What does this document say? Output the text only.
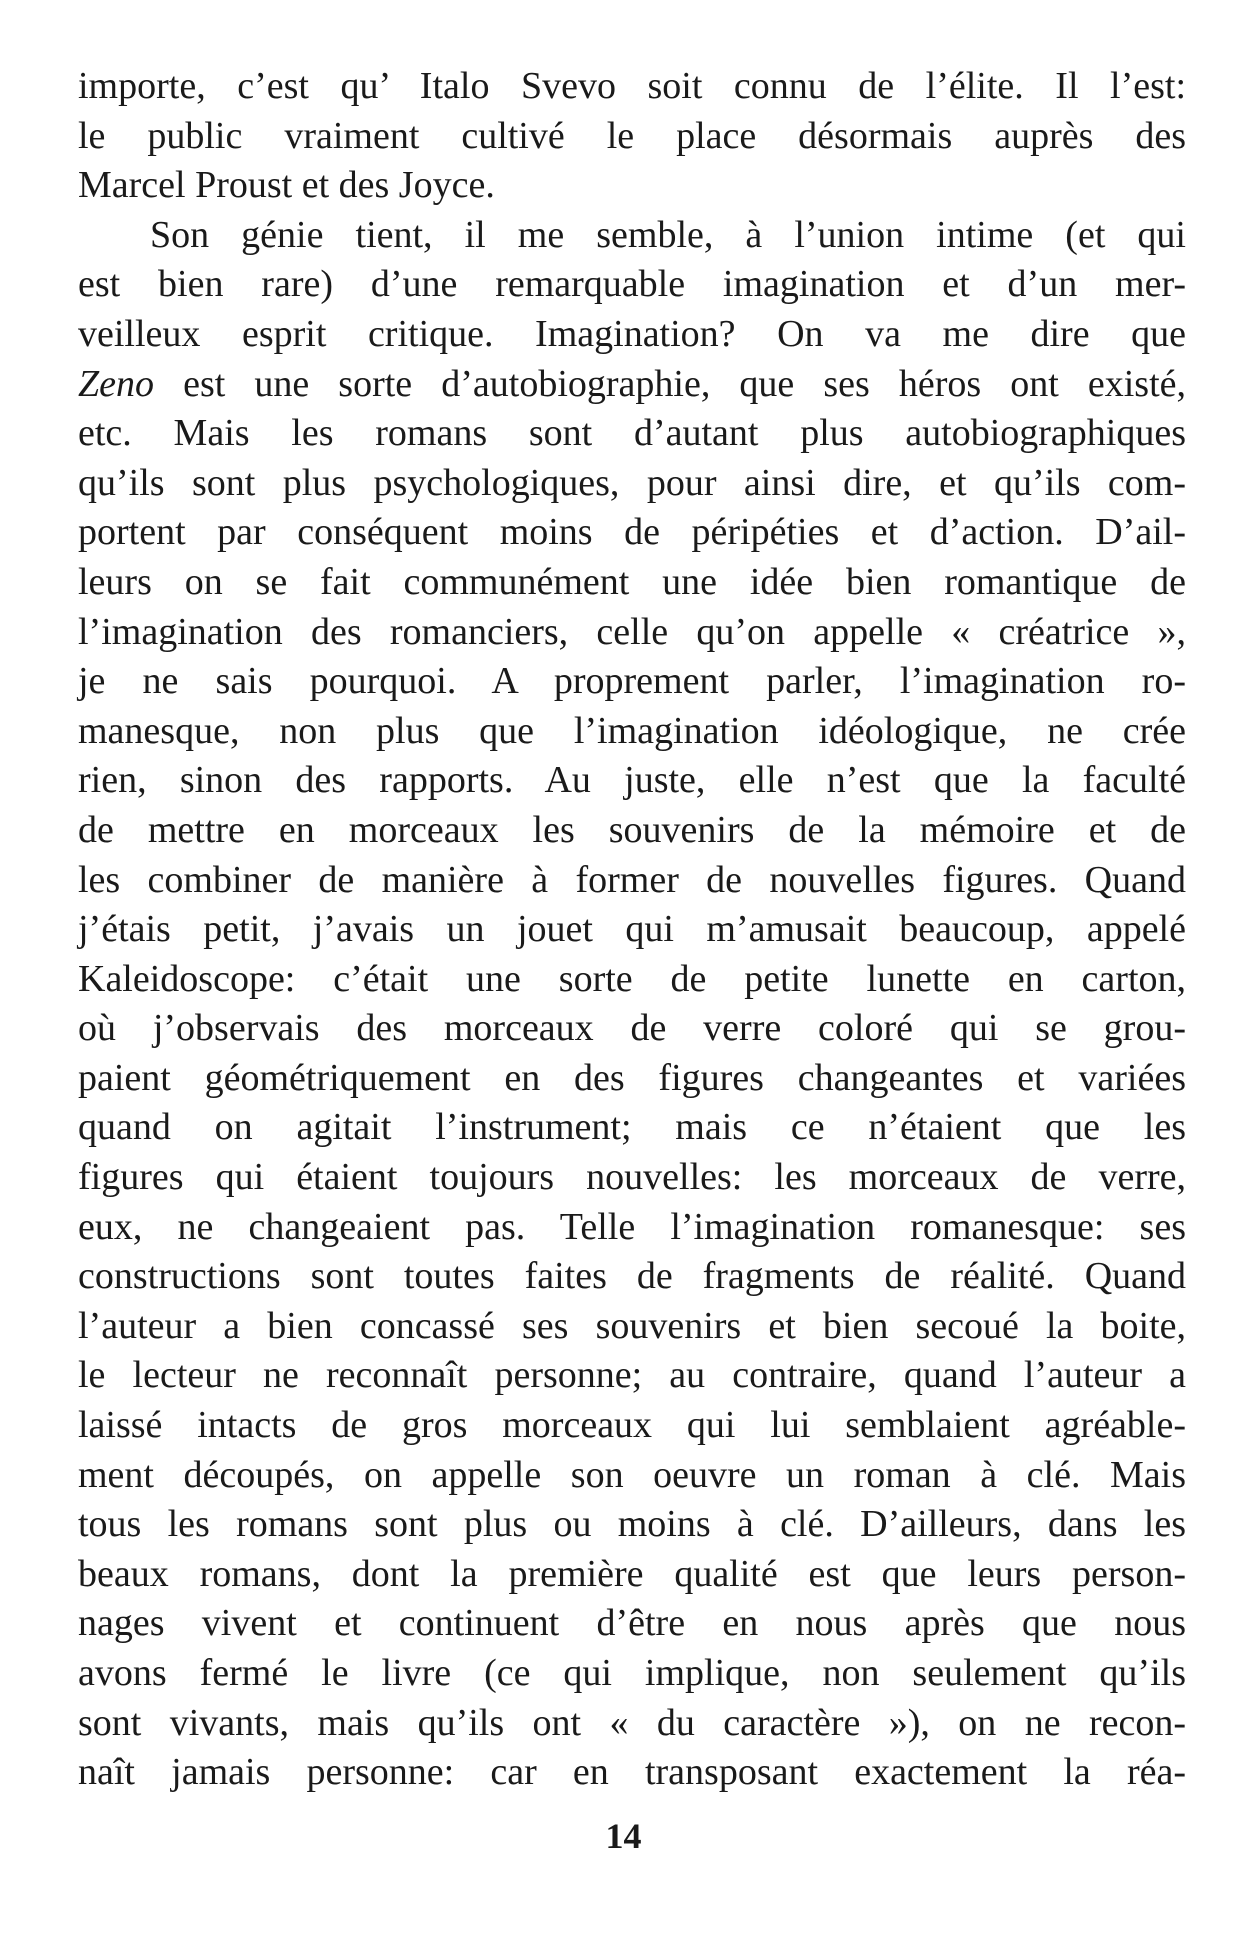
importe, c’est qu’ Italo Svevo soit connu de l’élite. Il l’est:
le public vraiment cultivé le place désormais auprès des
Marcel Proust et des Joyce.
Son génie tient, il me semble, à l’union intime (et qui
est bien rare) d’une remarquable imagination et d’un mer-
veilleux esprit critique. Imagination? On va me dire que
Zeno est une sorte d’autobiographie, que ses héros ont existé,
etc. Mais les romans sont d’autant plus autobiographiques
qu’ils sont plus psychologiques, pour ainsi dire, et qu’ils com-
portent par conséquent moins de péripéties et d’action. D’ail-
leurs on se fait communément une idée bien romantique de
l’imagination des romanciers, celle qu’on appelle « créatrice »,
je ne sais pourquoi. A proprement parler, l’imagination ro-
manesque, non plus que l’imagination idéologique, ne crée
rien, sinon des rapports. Au juste, elle n’est que la faculté
de mettre en morceaux les souvenirs de la mémoire et de
les combiner de manière à former de nouvelles figures. Quand
j’étais petit, j’avais un jouet qui m’amusait beaucoup, appelé
Kaleidoscope: c’était une sorte de petite lunette en carton,
où j’observais des morceaux de verre coloré qui se grou-
paient géométriquement en des figures changeantes et variées
quand on agitait l’instrument; mais ce n’étaient que les
figures qui étaient toujours nouvelles: les morceaux de verre,
eux, ne changeaient pas. Telle l’imagination romanesque: ses
constructions sont toutes faites de fragments de réalité. Quand
l’auteur a bien concassé ses souvenirs et bien secoué la boite,
le lecteur ne reconnaît personne; au contraire, quand l’auteur a
laissé intacts de gros morceaux qui lui semblaient agréable-
ment découpés, on appelle son oeuvre un roman à clé. Mais
tous les romans sont plus ou moins à clé. D’ailleurs, dans les
beaux romans, dont la première qualité est que leurs person-
nages vivent et continuent d’être en nous après que nous
avons fermé le livre (ce qui implique, non seulement qu’ils
sont vivants, mais qu’ils ont « du caractère »), on ne recon-
naît jamais personne: car en transposant exactement la réa-
14
